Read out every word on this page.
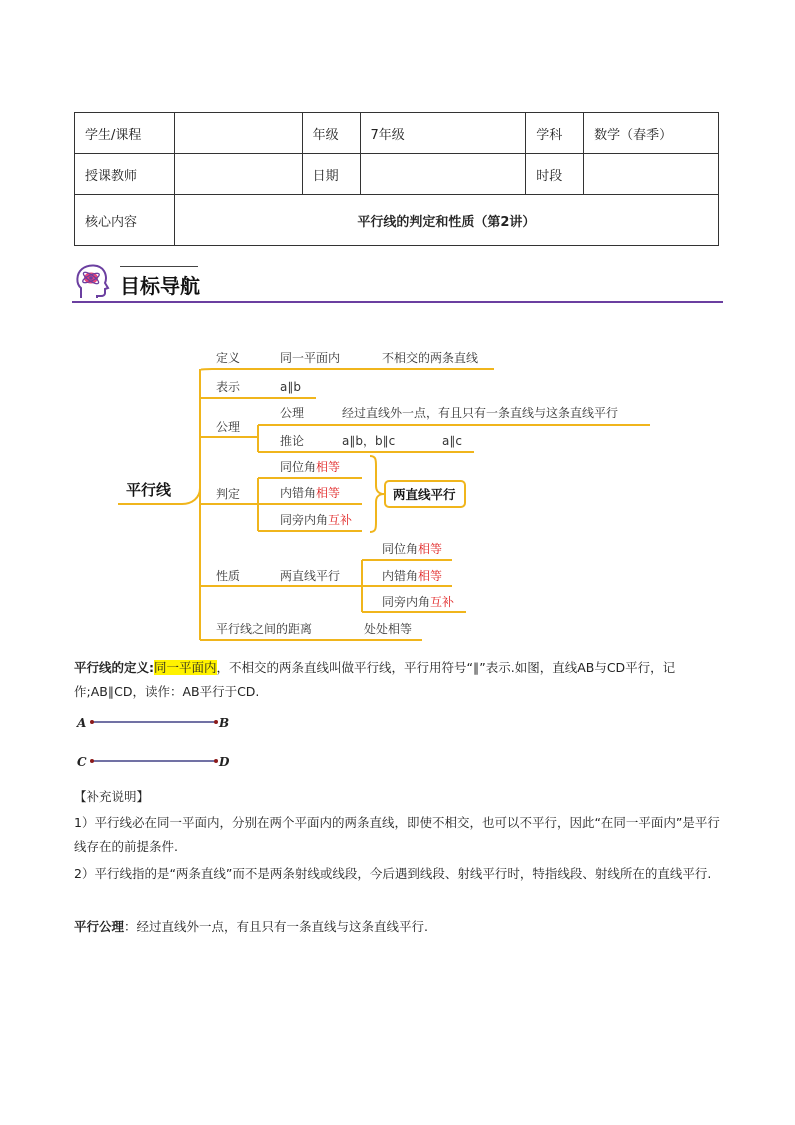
学生/课程		年级	7年级	学科	数学（春季）
授课教师		日期		时段	
核心内容	平行线的判定和性质（第2讲）				
目标导航
平行线
定义	同一平面内	不相交的两条直线
表示	a∥b
公理
公理	经过直线外一点，有且只有一条直线与这条直线平行
推论	a∥b，b∥c	a∥c
判定
同位角相等
内错角相等
同旁内角互补
两直线平行
性质	两直线平行
同位角相等
内错角相等
同旁内角互补
平行线之间的距离	处处相等
平行线的定义:同一平面内，不相交的两条直线叫做平行线，平行用符号“∥”表示.如图，直线AB与CD平行，记作;AB∥CD，读作：AB平行于CD.
A	B
C	D
【补充说明】
1）平行线必在同一平面内，分别在两个平面内的两条直线，即使不相交，也可以不平行，因此“在同一平面内”是平行线存在的前提条件.
2）平行线指的是“两条直线”而不是两条射线或线段，今后遇到线段、射线平行时，特指线段、射线所在的直线平行.
平行公理：经过直线外一点，有且只有一条直线与这条直线平行.
